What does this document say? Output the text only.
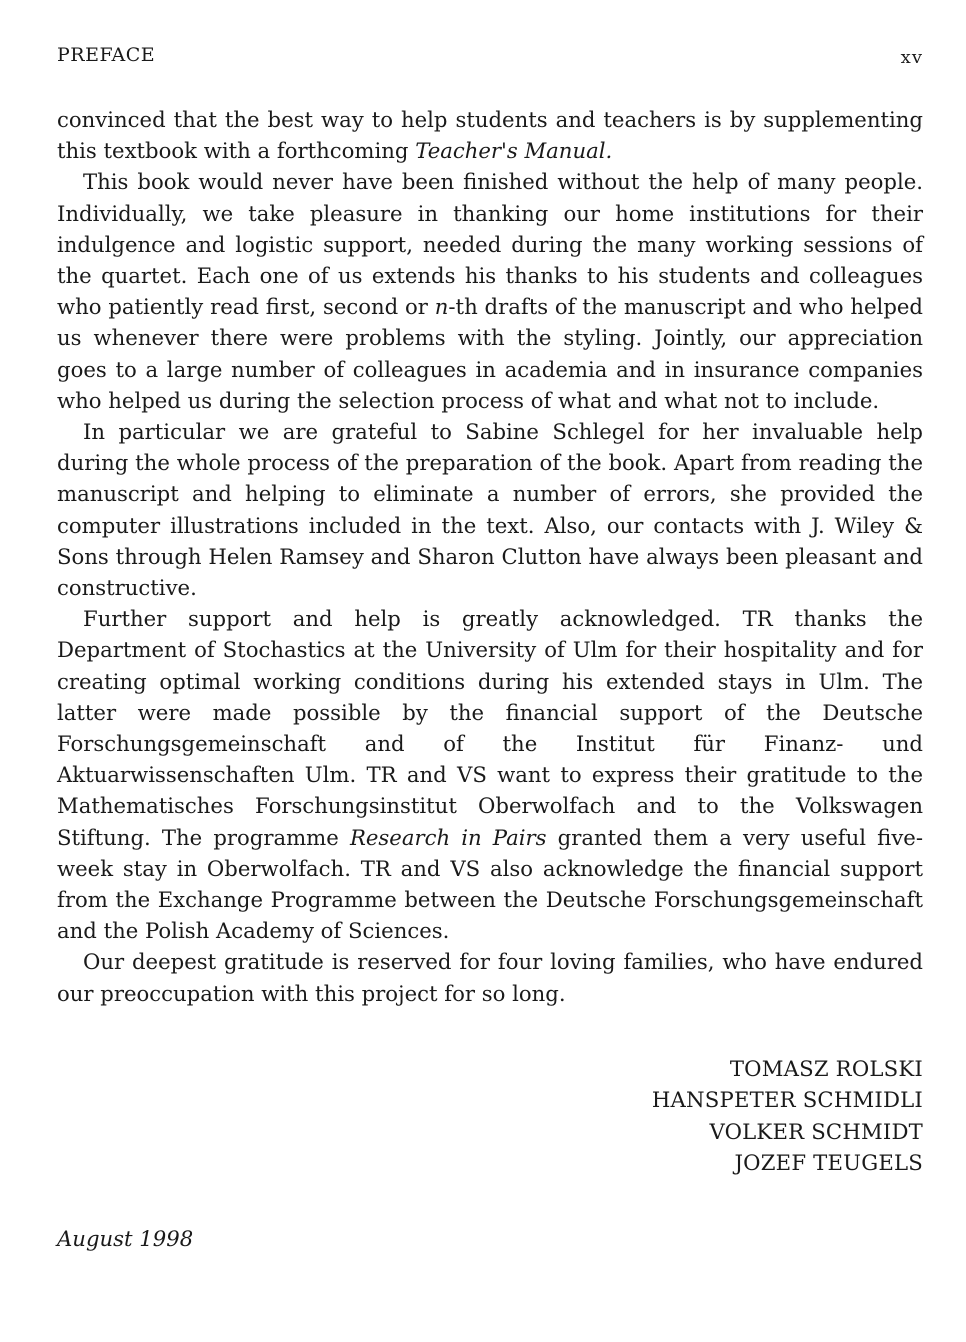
PREFACE	xv

convinced that the best way to help students and teachers is by supplementing this textbook with a forthcoming Teacher's Manual.

This book would never have been finished without the help of many people. Individually, we take pleasure in thanking our home institutions for their indulgence and logistic support, needed during the many working sessions of the quartet. Each one of us extends his thanks to his students and colleagues who patiently read first, second or n-th drafts of the manuscript and who helped us whenever there were problems with the styling. Jointly, our appreciation goes to a large number of colleagues in academia and in insurance companies who helped us during the selection process of what and what not to include.

In particular we are grateful to Sabine Schlegel for her invaluable help during the whole process of the preparation of the book. Apart from reading the manuscript and helping to eliminate a number of errors, she provided the computer illustrations included in the text. Also, our contacts with J. Wiley & Sons through Helen Ramsey and Sharon Clutton have always been pleasant and constructive.

Further support and help is greatly acknowledged. TR thanks the Department of Stochastics at the University of Ulm for their hospitality and for creating optimal working conditions during his extended stays in Ulm. The latter were made possible by the financial support of the Deutsche Forschungsgemeinschaft and of the Institut für Finanz- und Aktuarwissenschaften Ulm. TR and VS want to express their gratitude to the Mathematisches Forschungsinstitut Oberwolfach and to the Volkswagen Stiftung. The programme Research in Pairs granted them a very useful five-week stay in Oberwolfach. TR and VS also acknowledge the financial support from the Exchange Programme between the Deutsche Forschungsgemeinschaft and the Polish Academy of Sciences.

Our deepest gratitude is reserved for four loving families, who have endured our preoccupation with this project for so long.

TOMASZ ROLSKI
HANSPETER SCHMIDLI
VOLKER SCHMIDT
JOZEF TEUGELS
August 1998
